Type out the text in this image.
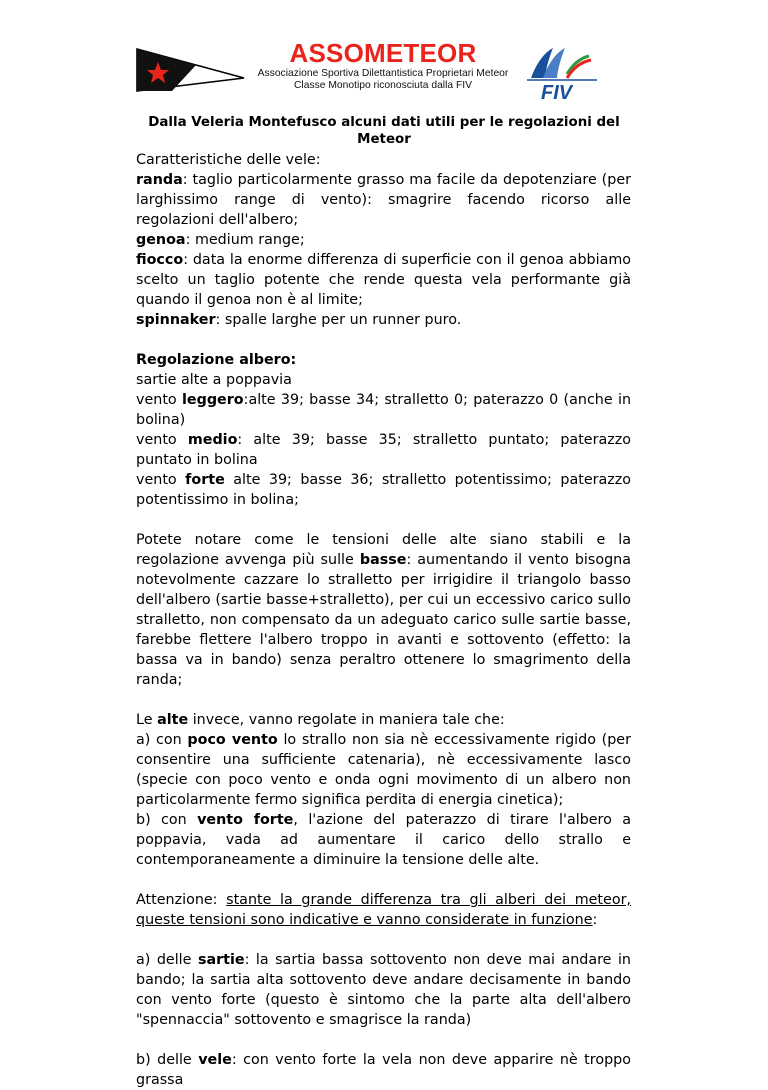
ASSOMETEOR
Associazione Sportiva Dilettantistica Proprietari Meteor
Classe Monotipo riconosciuta dalla FIV	FIV
Dalla Veleria Montefusco alcuni dati utili per le regolazioni del Meteor

Caratteristiche delle vele:

randa: taglio particolarmente grasso ma facile da depotenziare (per larghissimo range di vento): smagrire facendo ricorso alle regolazioni dell'albero;

genoa: medium range;

fiocco: data la enorme differenza di superficie con il genoa abbiamo scelto un taglio potente che rende questa vela performante già quando il genoa non è al limite;

spinnaker: spalle larghe per un runner puro.

Regolazione albero:

sartie alte a poppavia

vento leggero:alte 39; basse 34; stralletto 0; paterazzo 0 (anche in bolina)

vento medio: alte 39; basse 35; stralletto puntato; paterazzo puntato in bolina

vento forte alte 39; basse 36; stralletto potentissimo; paterazzo potentissimo in bolina;

Potete notare come le tensioni delle alte siano stabili e la regolazione avvenga più sulle basse: aumentando il vento bisogna notevolmente cazzare lo stralletto per irrigidire il triangolo basso dell'albero (sartie basse+stralletto), per cui un eccessivo carico sullo stralletto, non compensato da un adeguato carico sulle sartie basse, farebbe flettere l'albero troppo in avanti e sottovento (effetto: la bassa va in bando) senza peraltro ottenere lo smagrimento della randa;

Le alte invece, vanno regolate in maniera tale che:

a) con poco vento lo strallo non sia nè eccessivamente rigido (per consentire una sufficiente catenaria), nè eccessivamente lasco (specie con poco vento e onda ogni movimento di un albero non particolarmente fermo significa perdita di energia cinetica);

b) con vento forte, l'azione del paterazzo di tirare l'albero a poppavia, vada ad aumentare il carico dello strallo e contemporaneamente a diminuire la tensione delle alte.

Attenzione: stante la grande differenza tra gli alberi dei meteor, queste tensioni sono indicative e vanno considerate in funzione:

a) delle sartie: la sartia bassa sottovento non deve mai andare in bando; la sartia alta sottovento deve andare decisamente in bando con vento forte (questo è sintomo che la parte alta dell'albero "spennaccia" sottovento e smagrisce la randa)

b) delle vele: con vento forte la vela non deve apparire nè troppo grassa
